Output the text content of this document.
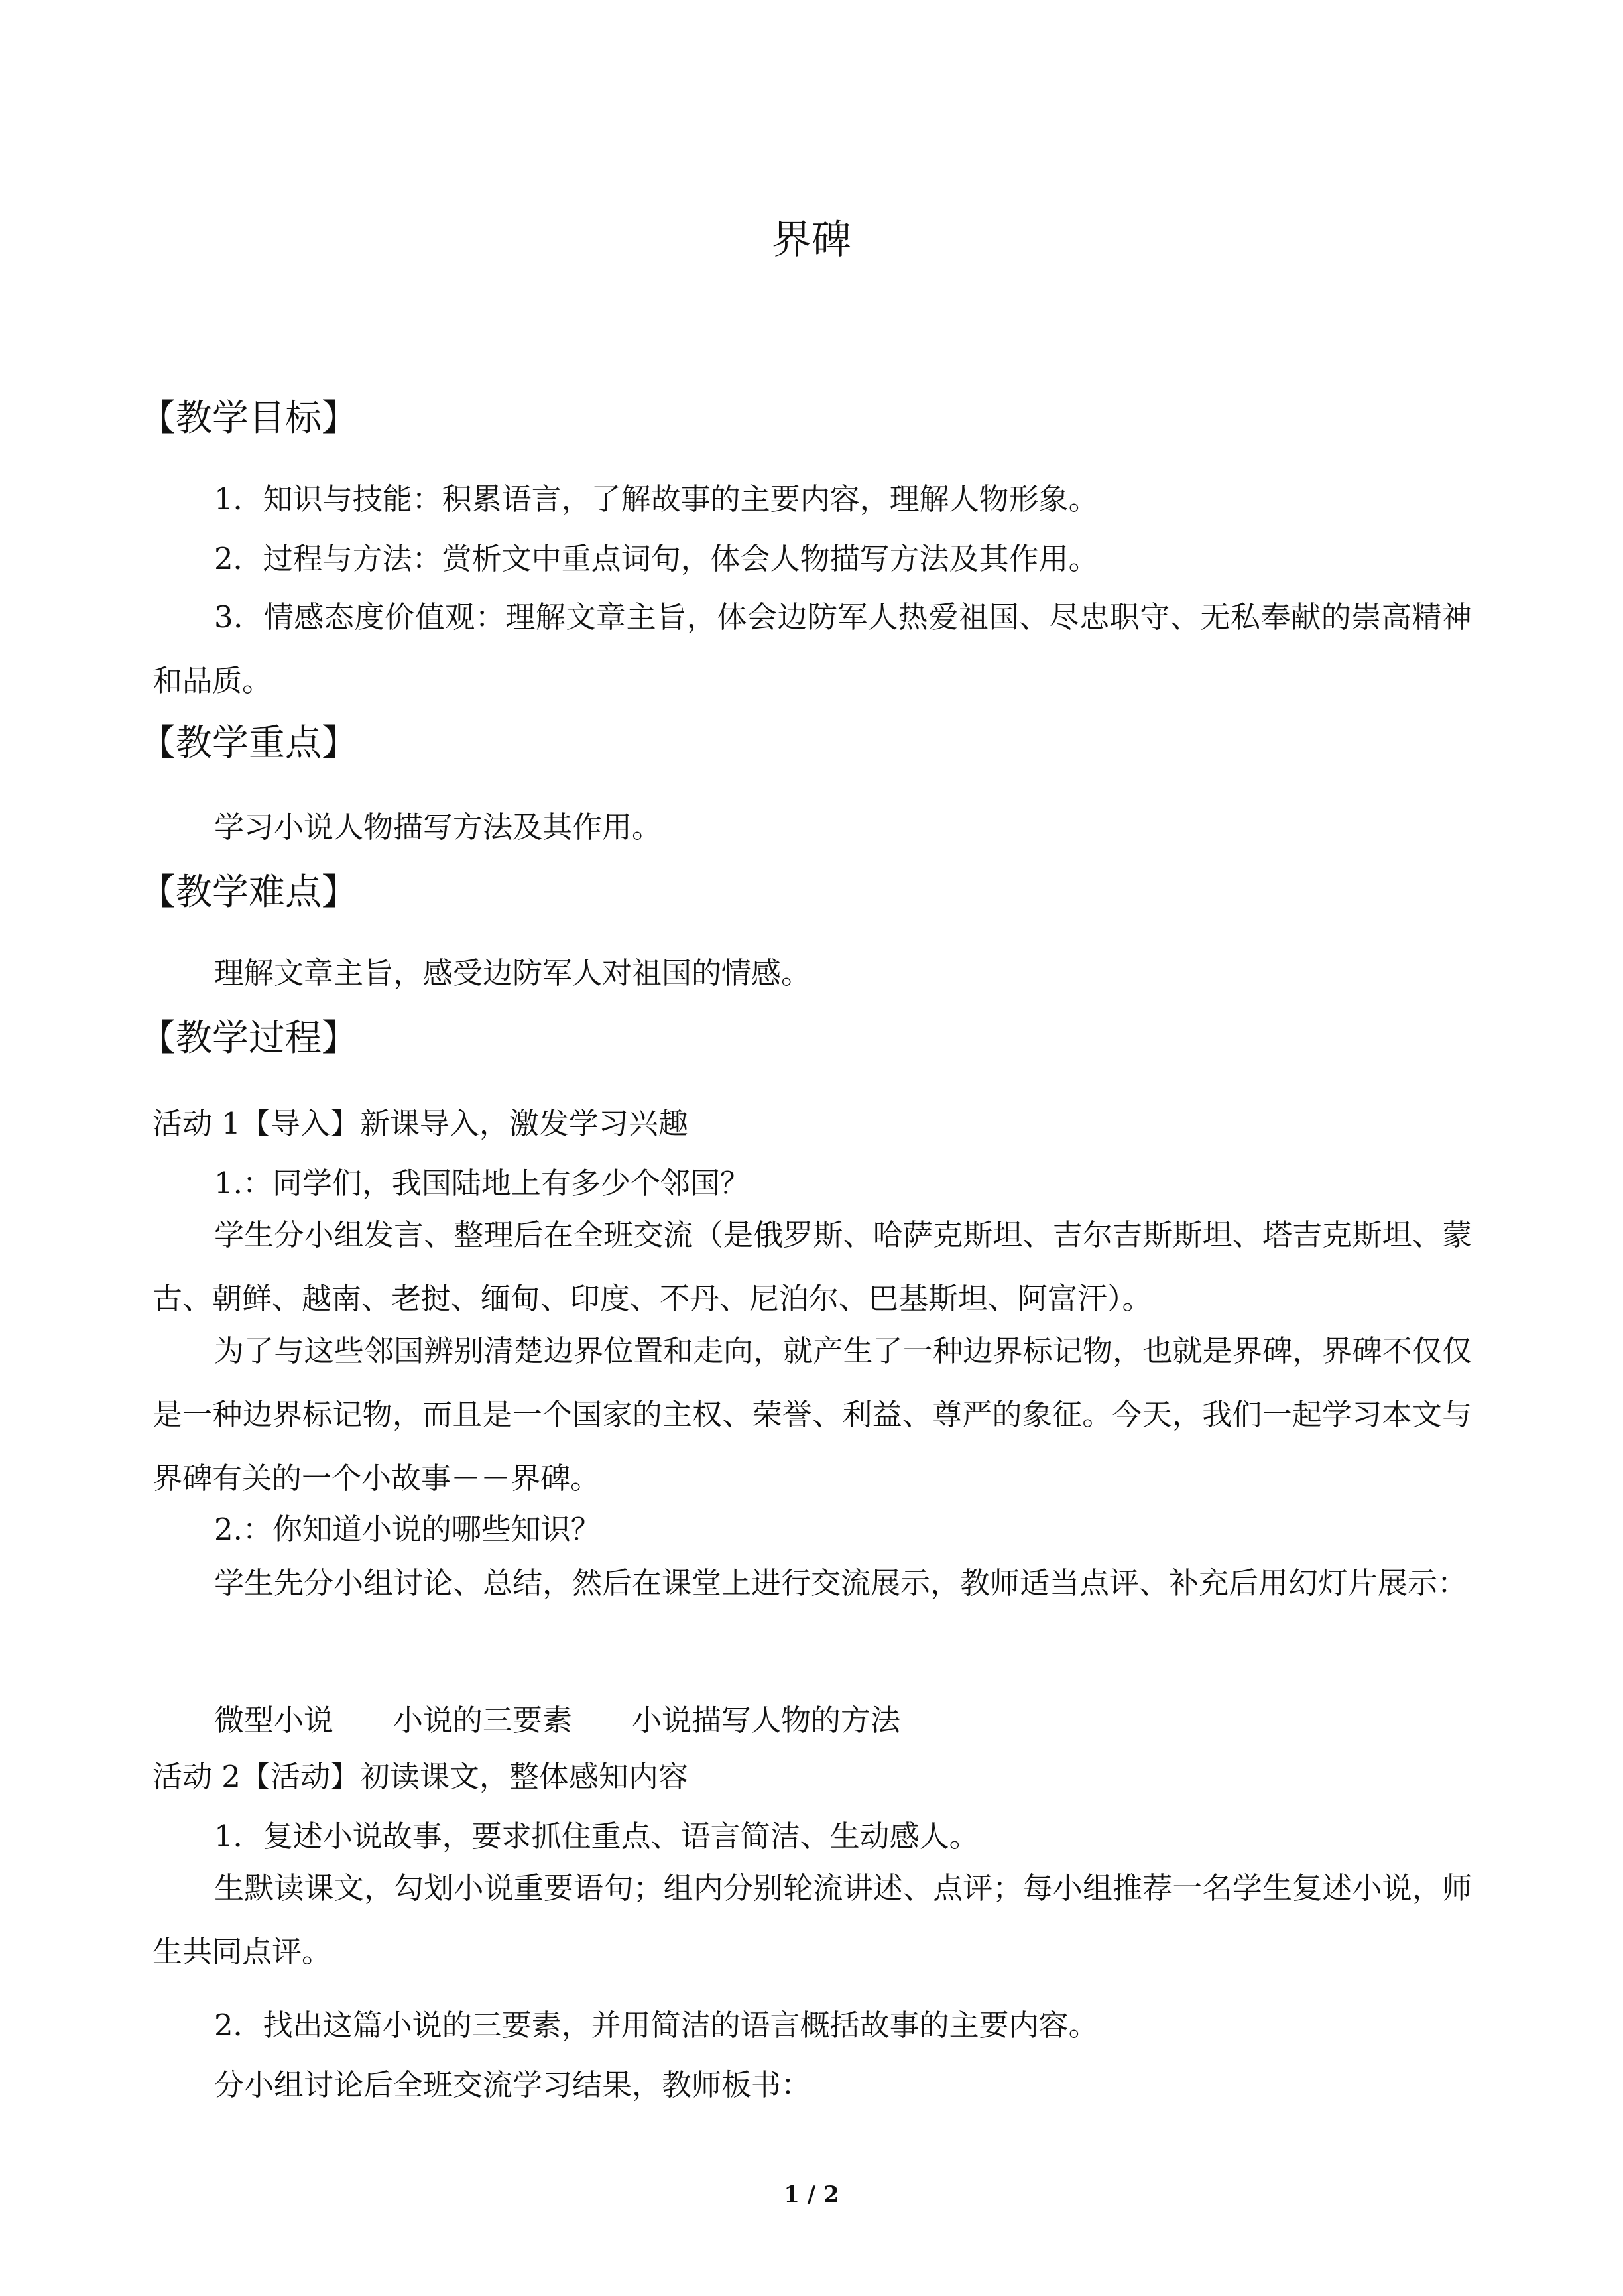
界碑
【教学目标】

1．知识与技能：积累语言，了解故事的主要内容，理解人物形象。

2．过程与方法：赏析文中重点词句，体会人物描写方法及其作用。

3．情感态度价值观：理解文章主旨，体会边防军人热爱祖国、尽忠职守、无私奉献的崇高精神和品质。

【教学重点】

学习小说人物描写方法及其作用。

【教学难点】

理解文章主旨，感受边防军人对祖国的情感。

【教学过程】
活动 1【导入】新课导入，激发学习兴趣
1.：同学们，我国陆地上有多少个邻国？

学生分小组发言、整理后在全班交流（是俄罗斯、哈萨克斯坦、吉尔吉斯斯坦、塔吉克斯坦、蒙古、朝鲜、越南、老挝、缅甸、印度、不丹、尼泊尔、巴基斯坦、阿富汗）。

为了与这些邻国辨别清楚边界位置和走向，就产生了一种边界标记物，也就是界碑，界碑不仅仅是一种边界标记物，而且是一个国家的主权、荣誉、利益、尊严的象征。今天，我们一起学习本文与界碑有关的一个小故事－－界碑。

2.：你知道小说的哪些知识？

学生先分小组讨论、总结，然后在课堂上进行交流展示，教师适当点评、补充后用幻灯片展示：

微型小说 小说的三要素 小说描写人物的方法
活动 2【活动】初读课文，整体感知内容
1．复述小说故事，要求抓住重点、语言简洁、生动感人。

生默读课文，勾划小说重要语句；组内分别轮流讲述、点评；每小组推荐一名学生复述小说，师生共同点评。

2．找出这篇小说的三要素，并用简洁的语言概括故事的主要内容。
分小组讨论后全班交流学习结果，教师板书：
1 / 2
